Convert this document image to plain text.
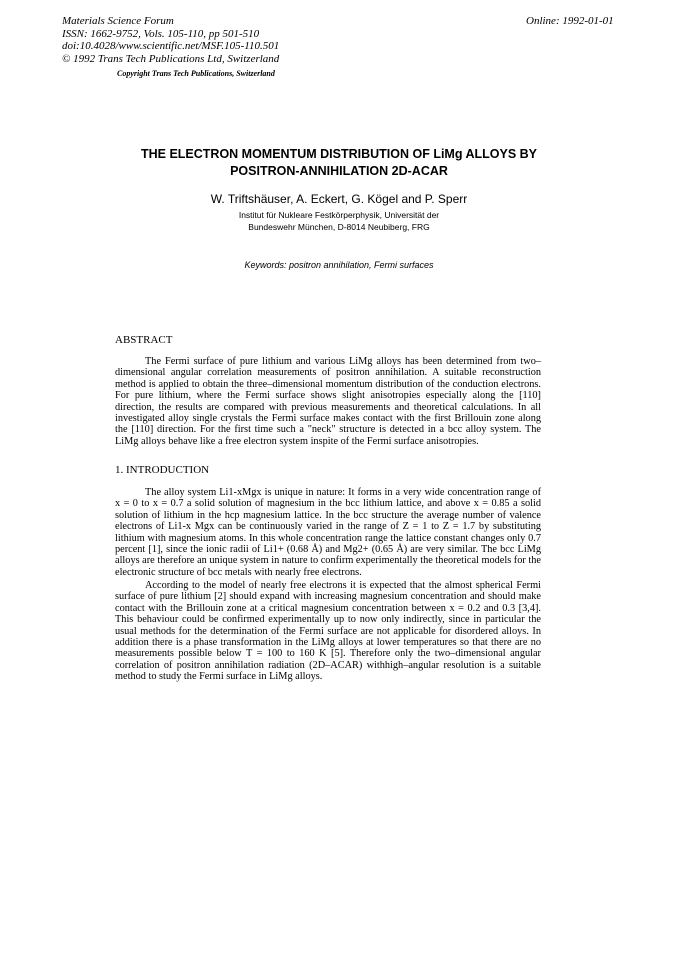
Materials Science Forum
ISSN: 1662-9752, Vols. 105-110, pp 501-510
doi:10.4028/www.scientific.net/MSF.105-110.501
© 1992 Trans Tech Publications Ltd, Switzerland
Online: 1992-01-01
Copyright Trans Tech Publications, Switzerland
THE ELECTRON MOMENTUM DISTRIBUTION OF LiMg ALLOYS BY
POSITRON-ANNIHILATION 2D-ACAR
W. Triftshäuser, A. Eckert, G. Kögel and P. Sperr
Institut für Nukleare Festkörperphysik, Universität der
Bundeswehr München, D-8014 Neubiberg, FRG
Keywords: positron annihilation, Fermi surfaces
ABSTRACT
The Fermi surface of pure lithium and various LiMg alloys has been determined from two–dimensional angular correlation measurements of positron annihilation. A suitable reconstruction method is applied to obtain the three–dimensional momentum distribution of the conduction electrons. For pure lithium, where the Fermi surface shows slight anisotropies especially along the [110] direction, the results are compared with previous measurements and theoretical calculations. In all investigated alloy single crystals the Fermi surface makes contact with the first Brillouin zone along the [110] direction. For the first time such a "neck" structure is detected in a bcc alloy system. The LiMg alloys behave like a free electron system inspite of the Fermi surface anisotropies.
1. INTRODUCTION
The alloy system Li1-xMgx is unique in nature: It forms in a very wide concentration range of x = 0 to x = 0.7 a solid solution of magnesium in the bcc lithium lattice, and above x = 0.85 a solid solution of lithium in the hcp magnesium lattice. In the bcc structure the average number of valence electrons of Li1-x Mgx can be continuously varied in the range of Z = 1 to Z = 1.7 by substituting lithium with magnesium atoms. In this whole concentration range the lattice constant changes only 0.7 percent [1], since the ionic radii of Li1+ (0.68 Å) and Mg2+ (0.65 Å) are very similar. The bcc LiMg alloys are therefore an unique system in nature to confirm experimentally the theoretical models for the electronic structure of bcc metals with nearly free electrons.
According to the model of nearly free electrons it is expected that the almost spherical Fermi surface of pure lithium [2] should expand with increasing magnesium concentration and should make contact with the Brillouin zone at a critical magnesium concentration between x = 0.2 and 0.3 [3,4]. This behaviour could be confirmed experimentally up to now only indirectly, since in particular the usual methods for the determination of the Fermi surface are not applicable for disordered alloys. In addition there is a phase transformation in the LiMg alloys at lower temperatures so that there are no measurements possible below T = 100 to 160 K [5]. Therefore only the two–dimensional angular correlation of positron annihilation radiation (2D–ACAR) withhigh–angular resolution is a suitable method to study the Fermi surface in LiMg alloys.
